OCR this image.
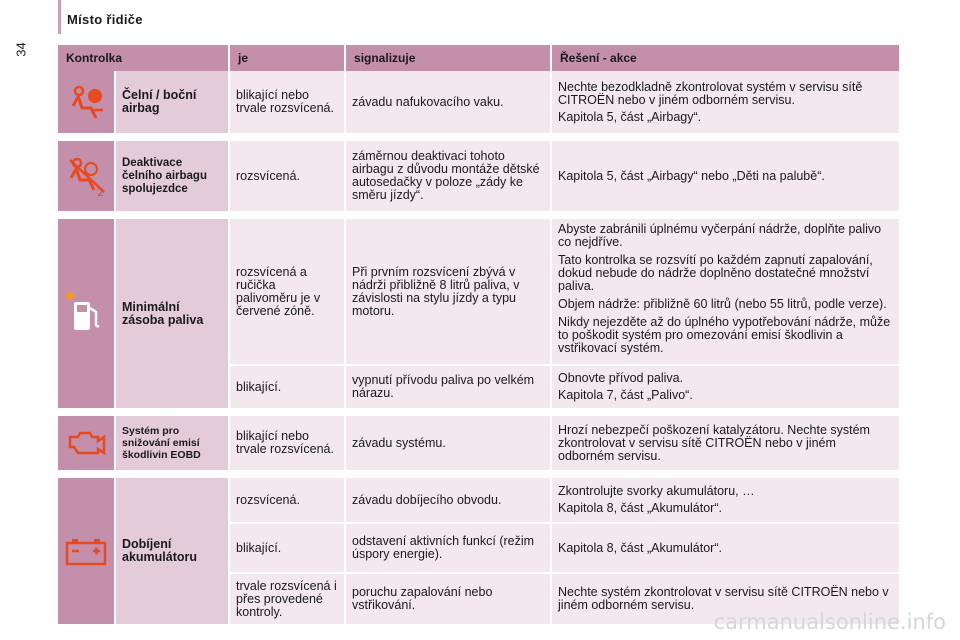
Místo řidiče
34
Kontrolka		je	signalizuje	Řešení - akce

	Čelní / boční airbag	blikající nebo trvale rozsvícená.	závadu nafukovacího vaku.	Nechte bezodkladně zkontrolovat systém v servisu sítě CITROËN nebo v jiném odborném servisu.

Kapitola 5, část „Airbagy“.

2	Deaktivace čelního airbagu spolujezdce	rozsvícená.	záměrnou deaktivaci tohoto airbagu z důvodu montáže dětské autosedačky v poloze „zády ke směru jízdy“.	Kapitola 5, část „Airbagy“ nebo „Děti na palubě“.

	Minimální zásoba paliva	rozsvícená a ručička palivoměru je v červené zóně.	Při prvním rozsvícení zbývá v nádrži přibližně 8 litrů paliva, v závislosti na stylu jízdy a typu motoru.	Abyste zabránili úplnému vyčerpání nádrže, doplňte palivo co nejdříve.

Tato kontrolka se rozsvítí po každém zapnutí zapalování, dokud nebude do nádrže doplněno dostatečné množství paliva.

Objem nádrže: přibližně 60 litrů (nebo 55 litrů, podle verze).

Nikdy nejezděte až do úplného vypotřebování nádrže, může to poškodit systém pro omezování emisí škodlivin a vstřikovací systém.

		blikající.	vypnutí přívodu paliva po velkém nárazu.	Obnovte přívod paliva.

Kapitola 7, část „Palivo“.

	Systém pro snižování emisí škodlivin EOBD	blikající nebo trvale rozsvícená.	závadu systému.	Hrozí nebezpečí poškození katalyzátoru. Nechte systém zkontrolovat v servisu sítě CITROËN nebo v jiném odborném servisu.

	Dobíjení akumulátoru	rozsvícená.	závadu dobíjecího obvodu.	Zkontrolujte svorky akumulátoru, …

Kapitola 8, část „Akumulátor“.

		blikající.	odstavení aktivních funkcí (režim úspory energie).	Kapitola 8, část „Akumulátor“.

		trvale rozsvícená i přes provedené kontroly.	poruchu zapalování nebo vstřikování.	Nechte systém zkontrolovat v servisu sítě CITROËN nebo v jiném odborném servisu.

carmanualsonline.info
